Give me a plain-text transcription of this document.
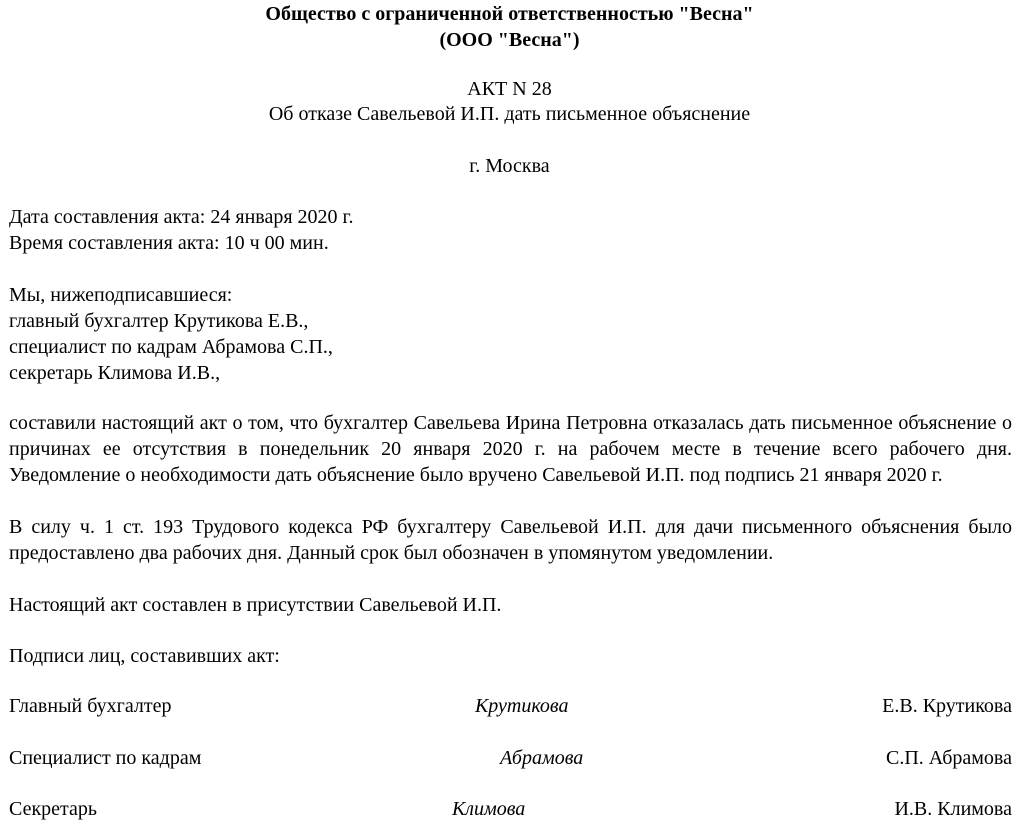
Общество с ограниченной ответственностью "Весна"
(ООО "Весна")
АКТ N 28
Об отказе Савельевой И.П. дать письменное объяснение
г. Москва
Дата составления акта: 24 января 2020 г.
Время составления акта: 10 ч 00 мин.
Мы, нижеподписавшиеся:
главный бухгалтер Крутикова Е.В.,
специалист по кадрам Абрамова С.П.,
секретарь Климова И.В.,
составили настоящий акт о том, что бухгалтер Савельева Ирина Петровна отказалась дать письменное объяснение о причинах ее отсутствия в понедельник 20 января 2020 г. на рабочем месте в течение всего рабочего дня. Уведомление о необходимости дать объяснение было вручено Савельевой И.П. под подпись 21 января 2020 г.
В силу ч. 1 ст. 193 Трудового кодекса РФ бухгалтеру Савельевой И.П. для дачи письменного объяснения было предоставлено два рабочих дня. Данный срок был обозначен в упомянутом уведомлении.
Настоящий акт составлен в присутствии Савельевой И.П.
Подписи лиц, составивших акт:
Главный бухгалтер	Крутикова	Е.В. Крутикова
Специалист по кадрам	Абрамова	С.П. Абрамова
Секретарь	Климова	И.В. Климова
